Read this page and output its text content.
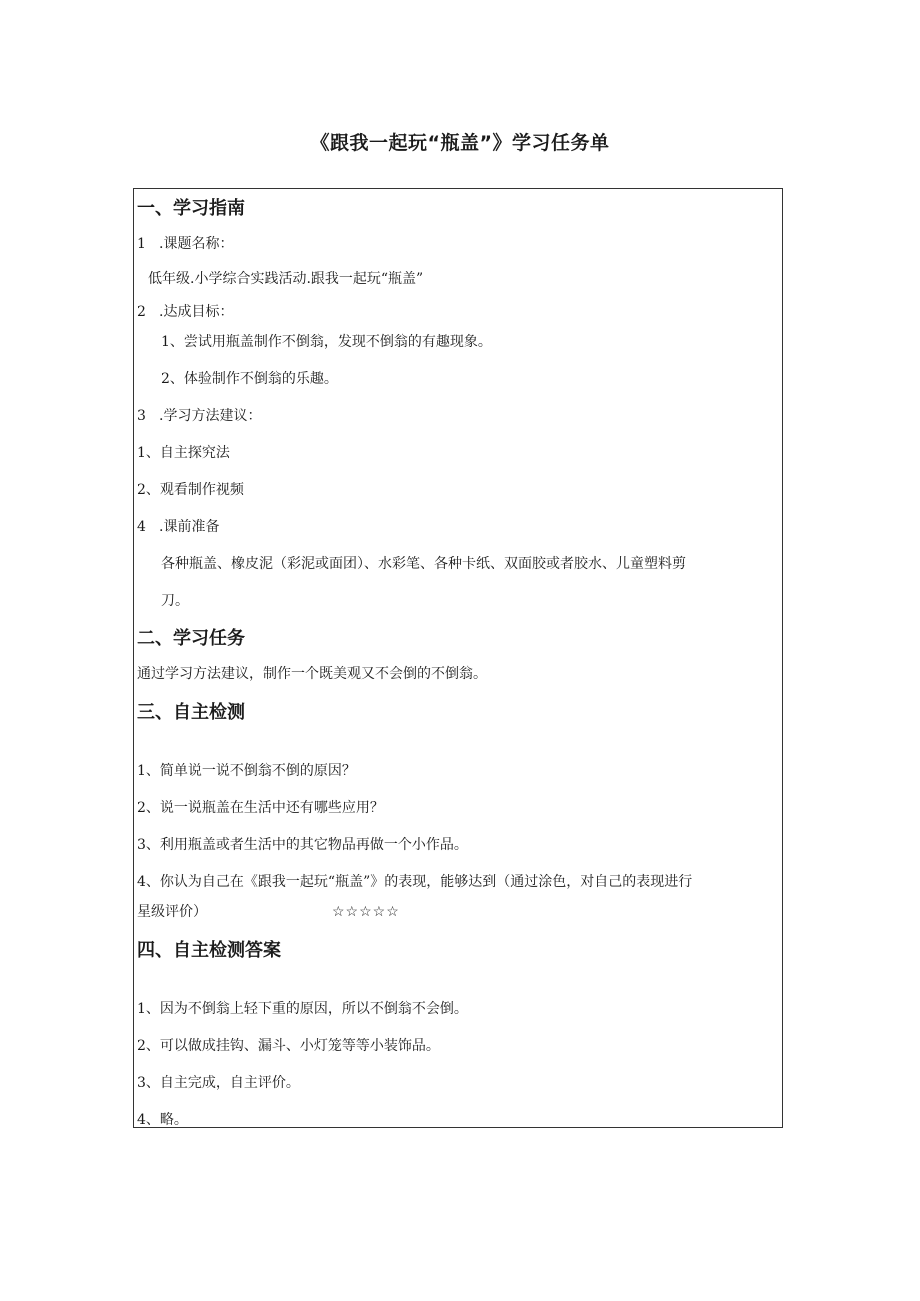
《跟我一起玩“瓶盖”》学习任务单
一、学习指南
1 .课题名称：
低年级.小学综合实践活动.跟我一起玩“瓶盖”
2 .达成目标：
1、尝试用瓶盖制作不倒翁，发现不倒翁的有趣现象。
2、体验制作不倒翁的乐趣。
3 .学习方法建议：
1、自主探究法
2、观看制作视频
4 .课前准备
各种瓶盖、橡皮泥（彩泥或面团）、水彩笔、各种卡纸、双面胶或者胶水、儿童塑料剪
刀。
二、学习任务
通过学习方法建议，制作一个既美观又不会倒的不倒翁。
三、自主检测
1、简单说一说不倒翁不倒的原因？
2、说一说瓶盖在生活中还有哪些应用？
3、利用瓶盖或者生活中的其它物品再做一个小作品。
4、你认为自己在《跟我一起玩“瓶盖”》的表现，能够达到（通过涂色，对自己的表现进行
星级评价）	☆☆☆☆☆
四、自主检测答案
1、因为不倒翁上轻下重的原因，所以不倒翁不会倒。
2、可以做成挂钩、漏斗、小灯笼等等小装饰品。
3、自主完成，自主评价。
4、略。
